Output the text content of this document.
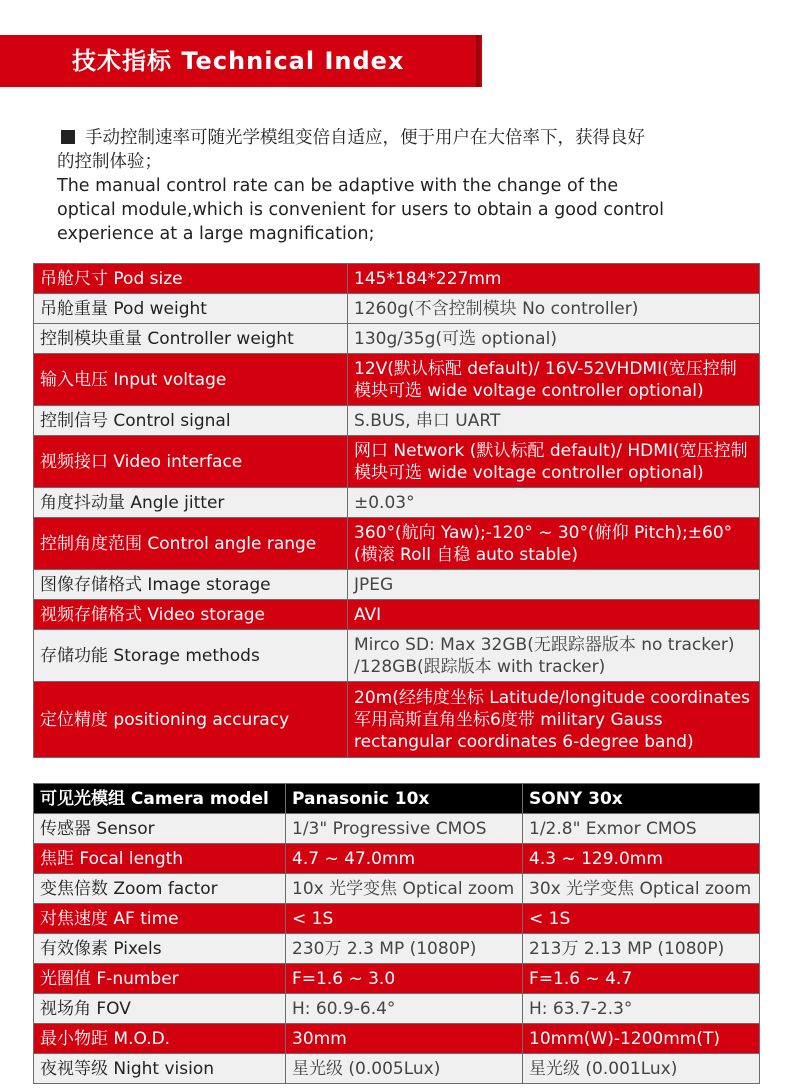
技术指标 Technical Index
手动控制速率可随光学模组变倍自适应，便于用户在大倍率下，获得良好
的控制体验；
The manual control rate can be adaptive with the change of the
optical module,which is convenient for users to obtain a good control
experience at a large magnification;
吊舱尺寸 Pod size	145*184*227mm
吊舱重量 Pod weight	1260g(不含控制模块 No controller)
控制模块重量 Controller weight	130g/35g(可选 optional)
输入电压 Input voltage	12V(默认标配 default)/ 16V-52VHDMI(宽压控制模块可选 wide voltage controller optional)
控制信号 Control signal	S.BUS, 串口 UART
视频接口 Video interface	网口 Network (默认标配 default)/ HDMI(宽压控制模块可选 wide voltage controller optional)
角度抖动量 Angle jitter	±0.03°
控制角度范围 Control angle range	360°(航向 Yaw);-120° ~ 30°(俯仰 Pitch);±60°(横滚 Roll 自稳 auto stable)
图像存储格式 Image storage	JPEG
视频存储格式 Video storage	AVI
存储功能 Storage methods	Mirco SD: Max 32GB(无跟踪器版本 no tracker) /128GB(跟踪版本 with tracker)
定位精度 positioning accuracy	20m(经纬度坐标 Latitude/longitude coordinates 军用高斯直角坐标6度带 military Gauss rectangular coordinates 6-degree band)
可见光模组 Camera model	Panasonic 10x	SONY 30x
传感器 Sensor	1/3" Progressive CMOS	1/2.8" Exmor CMOS
焦距 Focal length	4.7 ~ 47.0mm	4.3 ~ 129.0mm
变焦倍数 Zoom factor	10x 光学变焦 Optical zoom	30x 光学变焦 Optical zoom
对焦速度 AF time	< 1S	< 1S
有效像素 Pixels	230万 2.3 MP (1080P)	213万 2.13 MP (1080P)
光圈值 F-number	F=1.6 ~ 3.0	F=1.6 ~ 4.7
视场角 FOV	H: 60.9-6.4°	H: 63.7-2.3°
最小物距 M.O.D.	30mm	10mm(W)-1200mm(T)
夜视等级 Night vision	星光级 (0.005Lux)	星光级 (0.001Lux)
